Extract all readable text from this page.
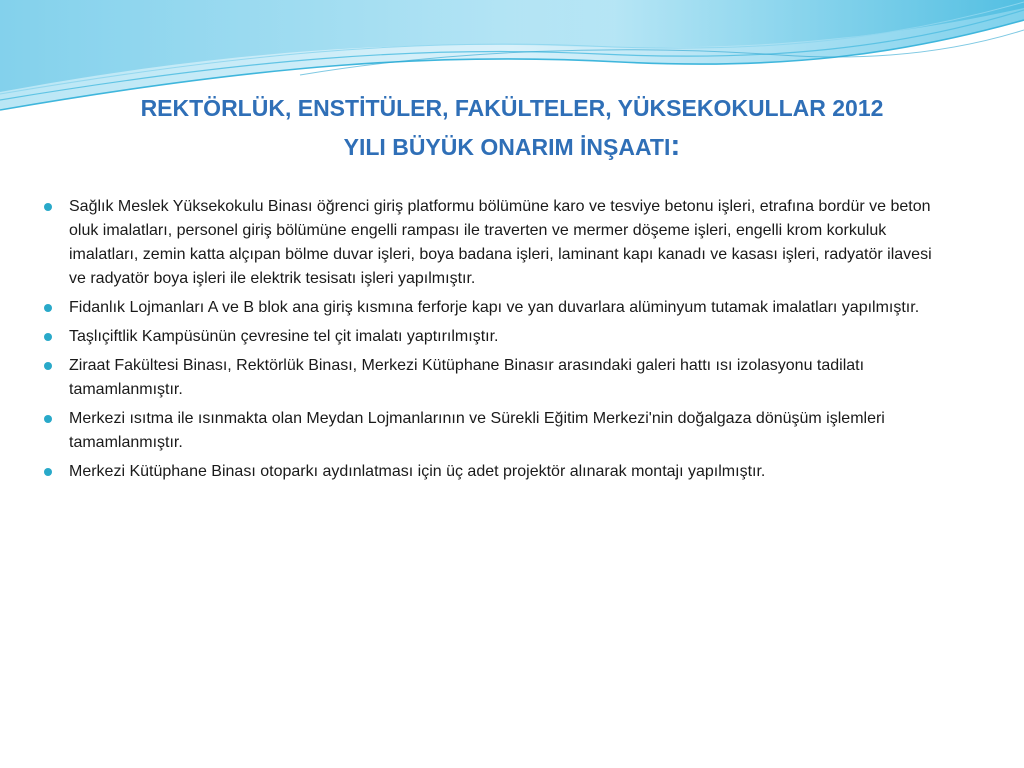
REKTÖRLÜK, ENSTİTÜLER, FAKÜLTELER, YÜKSEKOKULLAR 2012
YILI BÜYÜK ONARIM İNŞAATI:
Sağlık Meslek Yüksekokulu Binası öğrenci giriş platformu bölümüne karo ve tesviye betonu işleri, etrafına bordür ve beton oluk imalatları, personel giriş bölümüne engelli rampası ile traverten ve mermer döşeme işleri, engelli krom korkuluk imalatları, zemin katta alçıpan bölme duvar işleri, boya badana işleri, laminant kapı kanadı ve kasası işleri, radyatör ilavesi ve radyatör boya işleri ile elektrik tesisatı işleri yapılmıştır.
Fidanlık Lojmanları A ve B blok ana giriş kısmına ferforje kapı ve yan duvarlara alüminyum tutamak imalatları yapılmıştır.
Taşlıçiftlik Kampüsünün çevresine tel çit imalatı yaptırılmıştır.
Ziraat Fakültesi Binası, Rektörlük Binası, Merkezi Kütüphane Binasır arasındaki galeri hattı ısı izolasyonu tadilatı tamamlanmıştır.
Merkezi ısıtma ile ısınmakta olan Meydan Lojmanlarının ve Sürekli Eğitim Merkezi'nin doğalgaza dönüşüm işlemleri tamamlanmıştır.
Merkezi Kütüphane Binası otoparkı aydınlatması için üç adet projektör alınarak montajı yapılmıştır.
